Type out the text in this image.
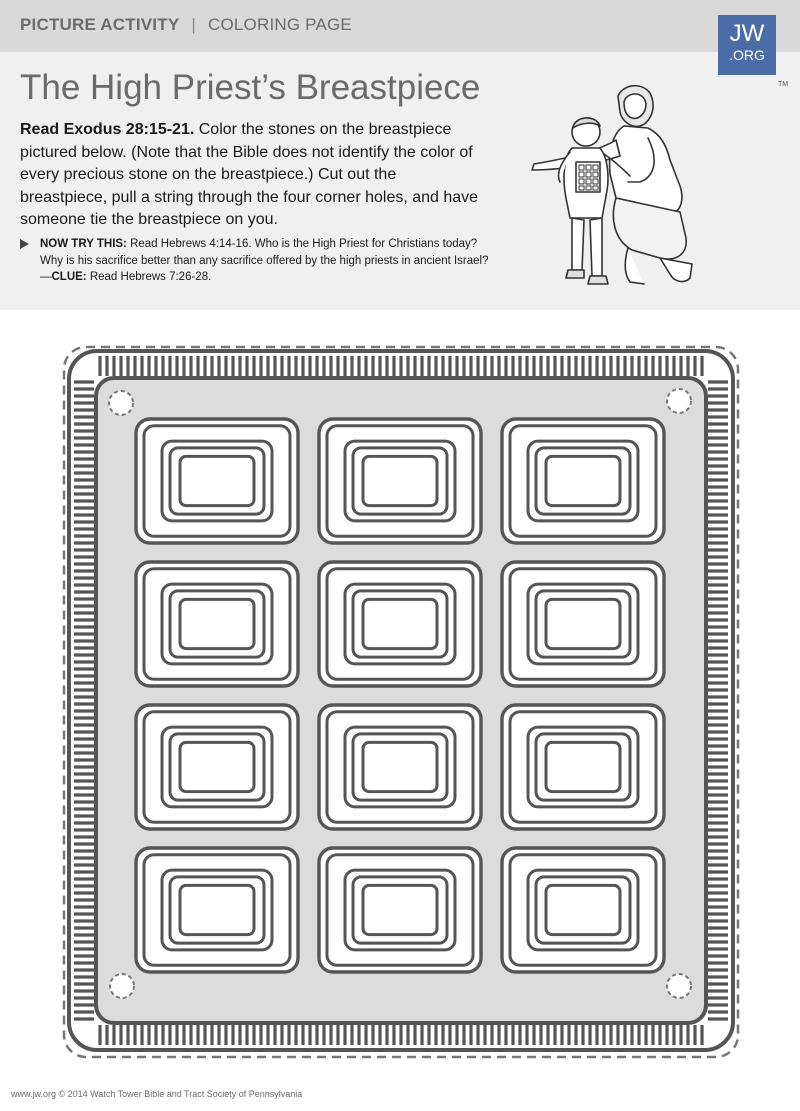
PICTURE ACTIVITY | COLORING PAGE	JW
.ORG
TM
The High Priest’s Breastpiece

Read Exodus 28:15-21. Color the stones on the breastpiece pictured below. (Note that the Bible does not identify the color of every precious stone on the breastpiece.) Cut out the breastpiece, pull a string through the four corner holes, and have someone tie the breastpiece on you.

NOW TRY THIS: Read Hebrews 4:14-16. Who is the High Priest for Christians today? Why is his sacrifice better than any sacrifice offered by the high priests in ancient Israel?—CLUE: Read Hebrews 7:26-28.
www.jw.org © 2014 Watch Tower Bible and Tract Society of Pennsylvania
